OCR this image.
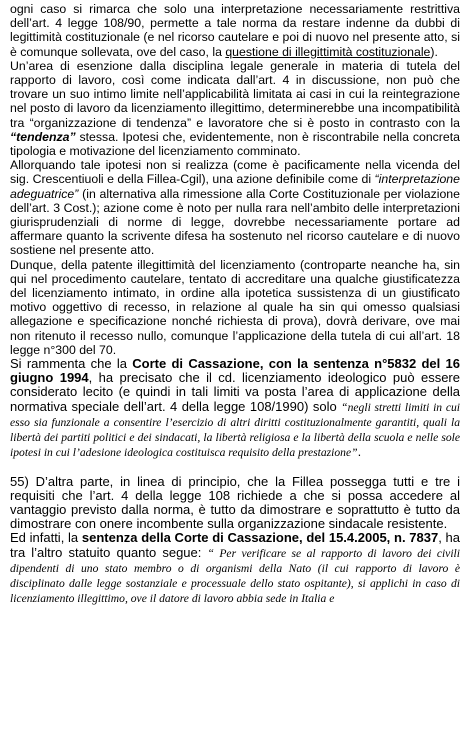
ogni caso si rimarca che solo una interpretazione necessariamente restrittiva dell’art. 4 legge 108/90, permette a tale norma da restare indenne da dubbi di legittimità costituzionale (e nel ricorso cautelare e poi di nuovo nel presente atto, si è comunque sollevata, ove del caso, la questione di illegittimità costituzionale).

Un’area di esenzione dalla disciplina legale generale in materia di tutela del rapporto di lavoro, così come indicata dall’art. 4 in discussione, non può che trovare un suo intimo limite nell’applicabilità limitata ai casi in cui la reintegrazione nel posto di lavoro da licenziamento illegittimo, determinerebbe una incompatibilità tra “organizzazione di tendenza” e lavoratore che si è posto in contrasto con la “tendenza” stessa. Ipotesi che, evidentemente, non è riscontrabile nella concreta tipologia e motivazione del licenziamento comminato.

Allorquando tale ipotesi non si realizza (come è pacificamente nella vicenda del sig. Crescentiuoli e della Fillea-Cgil), una azione definibile come di “interpretazione adeguatrice” (in alternativa alla rimessione alla Corte Costituzionale per violazione dell’art. 3 Cost.); azione come è noto per nulla rara nell’ambito delle interpretazioni giurisprudenziali di norme di legge, dovrebbe necessariamente portare ad affermare quanto la scrivente difesa ha sostenuto nel ricorso cautelare e di nuovo sostiene nel presente atto.

Dunque, della patente illegittimità del licenziamento (controparte neanche ha, sin qui nel procedimento cautelare, tentato di accreditare una qualche giustificatezza del licenziamento intimato, in ordine alla ipotetica sussistenza di un giustificato motivo oggettivo di recesso, in relazione al quale ha sin qui omesso qualsiasi allegazione e specificazione nonché richiesta di prova), dovrà derivare, ove mai non ritenuto il recesso nullo, comunque l’applicazione della tutela di cui all’art. 18 legge n°300 del 70.

Si rammenta che la Corte di Cassazione, con la sentenza n°5832 del 16 giugno 1994, ha precisato che il cd. licenziamento ideologico può essere considerato lecito (e quindi in tali limiti va posta l’area di applicazione della normativa speciale dell’art. 4 della legge 108/1990) solo “negli stretti limiti in cui esso sia funzionale a consentire l’esercizio di altri diritti costituzionalmente garantiti, quali la libertà dei partiti politici e dei sindacati, la libertà religiosa e la libertà della scuola e nelle sole ipotesi in cui l’adesione ideologica costituisca requisito della prestazione”.

55) D’altra parte, in linea di principio, che la Fillea possegga tutti e tre i requisiti che l’art. 4 della legge 108 richiede a che si possa accedere al vantaggio previsto dalla norma, è tutto da dimostrare e soprattutto è tutto da dimostrare con onere incombente sulla organizzazione sindacale resistente.

Ed infatti, la sentenza della Corte di Cassazione, del 15.4.2005, n. 7837, ha tra l’altro statuito quanto segue: “ Per verificare se al rapporto di lavoro dei civili dipendenti di uno stato membro o di organismi della Nato (il cui rapporto di lavoro è disciplinato dalle legge sostanziale e processuale dello stato ospitante), si applichi in caso di licenziamento illegittimo, ove il datore di lavoro abbia sede in Italia e
